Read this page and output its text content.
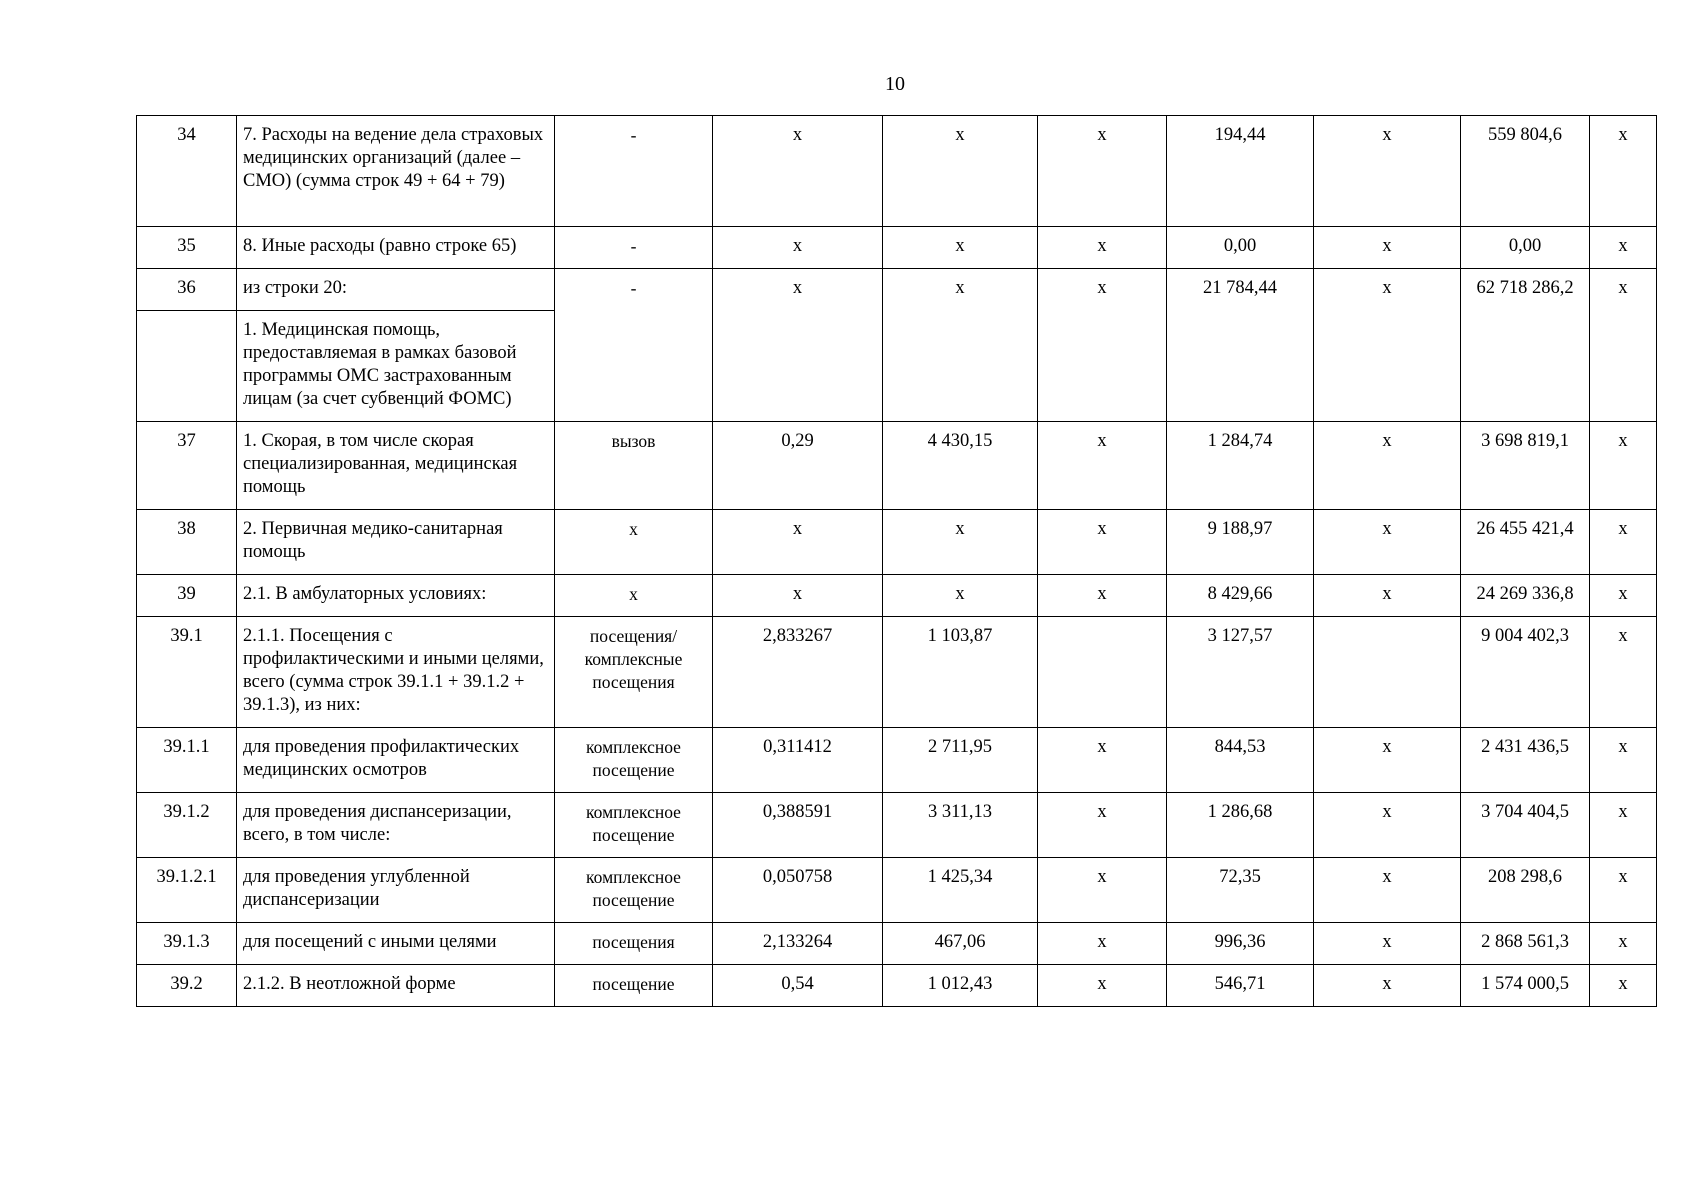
10
34	7. Расходы на ведение дела страховых медицинских организаций (далее – СМО) (сумма строк 49 + 64 + 79)	-	х	х	х	194,44	х	559 804,6	х
35	8. Иные расходы (равно строке 65)	-	х	х	х	0,00	х	0,00	х
36	из строки 20:	-	х	х	х	21 784,44	х	62 718 286,2	х
	1. Медицинская помощь, предоставляемая в рамках базовой программы ОМС застрахованным лицам (за счет субвенций ФОМС)								
37	1. Скорая, в том числе скорая специализированная, медицинская помощь	вызов	0,29	4 430,15	х	1 284,74	х	3 698 819,1	х
38	2. Первичная медико-санитарная помощь	х	х	х	х	9 188,97	х	26 455 421,4	х
39	2.1. В амбулаторных условиях:	х	х	х	х	8 429,66	х	24 269 336,8	х
39.1	2.1.1. Посещения с профилактическими и иными целями, всего (сумма строк 39.1.1 + 39.1.2 + 39.1.3), из них:	посещения/ комплексные посещения	2,833267	1 103,87		3 127,57		9 004 402,3	х
39.1.1	для проведения профилактических медицинских осмотров	комплексное посещение	0,311412	2 711,95	х	844,53	х	2 431 436,5	х
39.1.2	для проведения диспансеризации, всего, в том числе:	комплексное посещение	0,388591	3 311,13	х	1 286,68	х	3 704 404,5	х
39.1.2.1	для проведения углубленной диспансеризации	комплексное посещение	0,050758	1 425,34	х	72,35	х	208 298,6	х
39.1.3	для посещений с иными целями	посещения	2,133264	467,06	х	996,36	х	2 868 561,3	х
39.2	2.1.2. В неотложной форме	посещение	0,54	1 012,43	х	546,71	х	1 574 000,5	х
